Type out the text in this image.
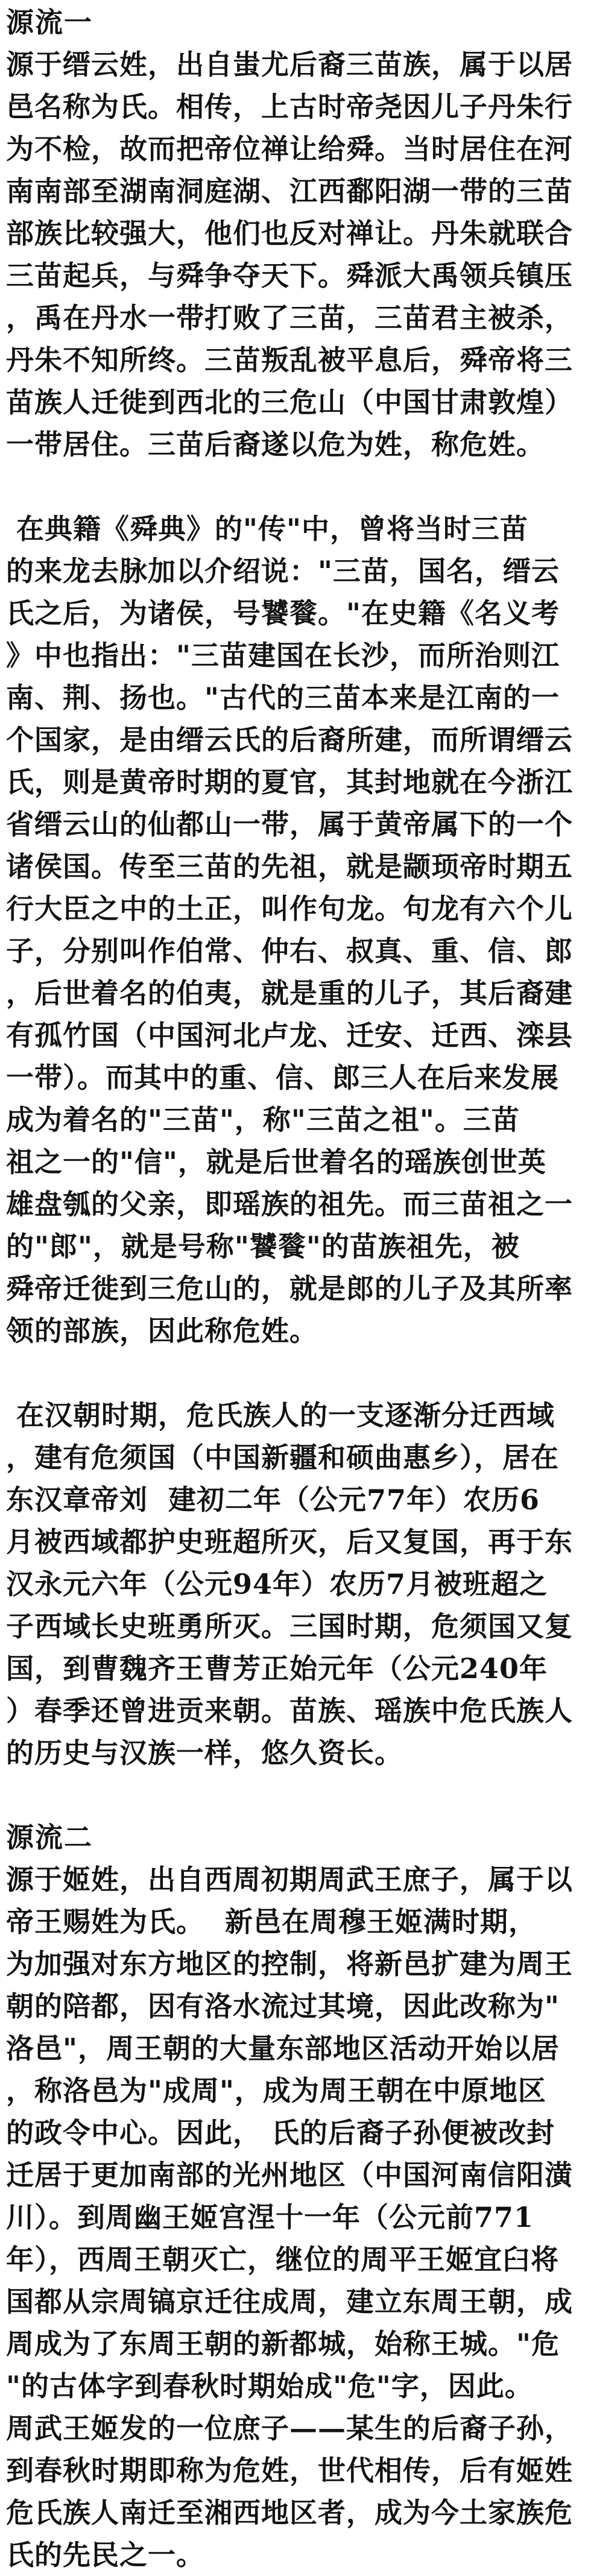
源流一
源于缙云姓，出自蚩尤后裔三苗族，属于以居
邑名称为氏。相传，上古时帝尧因儿子丹朱行
为不检，故而把帝位禅让给舜。当时居住在河
南南部至湖南洞庭湖、江西鄱阳湖一带的三苗
部族比较强大，他们也反对禅让。丹朱就联合
三苗起兵，与舜争夺天下。舜派大禹领兵镇压
，禹在丹水一带打败了三苗，三苗君主被杀，
丹朱不知所终。三苗叛乱被平息后，舜帝将三
苗族人迁徙到西北的三危山（中国甘肃敦煌）
一带居住。三苗后裔遂以危为姓，称危姓。
在典籍《舜典》的"传"中，曾将当时三苗
的来龙去脉加以介绍说："三苗，国名，缙云
氏之后，为诸侯，号饕餮。"在史籍《名义考
》中也指出："三苗建国在长沙，而所治则江
南、荆、扬也。"古代的三苗本来是江南的一
个国家，是由缙云氏的后裔所建，而所谓缙云
氏，则是黄帝时期的夏官，其封地就在今浙江
省缙云山的仙都山一带，属于黄帝属下的一个
诸侯国。传至三苗的先祖，就是颛顼帝时期五
行大臣之中的土正，叫作句龙。句龙有六个儿
子，分别叫作伯常、仲右、叔真、重、信、郎
，后世着名的伯夷，就是重的儿子，其后裔建
有孤竹国（中国河北卢龙、迁安、迁西、滦县
一带）。而其中的重、信、郎三人在后来发展
成为着名的"三苗"，称"三苗之祖"。三苗
祖之一的"信"，就是后世着名的瑶族创世英
雄盘瓠的父亲，即瑶族的祖先。而三苗祖之一
的"郎"，就是号称"饕餮"的苗族祖先，被
舜帝迁徙到三危山的，就是郎的儿子及其所率
领的部族，因此称危姓。
在汉朝时期，危氏族人的一支逐渐分迁西域
，建有危须国（中国新疆和硕曲惠乡），居在
东汉章帝刘  建初二年（公元77年）农历6
月被西域都护史班超所灭，后又复国，再于东
汉永元六年（公元94年）农历7月被班超之
子西域长史班勇所灭。三国时期，危须国又复
国，到曹魏齐王曹芳正始元年（公元240年
）春季还曾进贡来朝。苗族、瑶族中危氏族人
的历史与汉族一样，悠久资长。
源流二
源于姬姓，出自西周初期周武王庶子，属于以
帝王赐姓为氏。  新邑在周穆王姬满时期，
为加强对东方地区的控制，将新邑扩建为周王
朝的陪都，因有洛水流过其境，因此改称为"
洛邑"，周王朝的大量东部地区活动开始以居
，称洛邑为"成周"，成为周王朝在中原地区
的政令中心。因此， 氏的后裔子孙便被改封
迁居于更加南部的光州地区（中国河南信阳潢
川）。到周幽王姬宫涅十一年（公元前771
年），西周王朝灭亡，继位的周平王姬宜臼将
国都从宗周镐京迁往成周，建立东周王朝，成
周成为了东周王朝的新都城，始称王城。"危
"的古体字到春秋时期始成"危"字，因此。
周武王姬发的一位庶子——某生的后裔子孙，
到春秋时期即称为危姓，世代相传，后有姬姓
危氏族人南迁至湘西地区者，成为今土家族危
氏的先民之一。
